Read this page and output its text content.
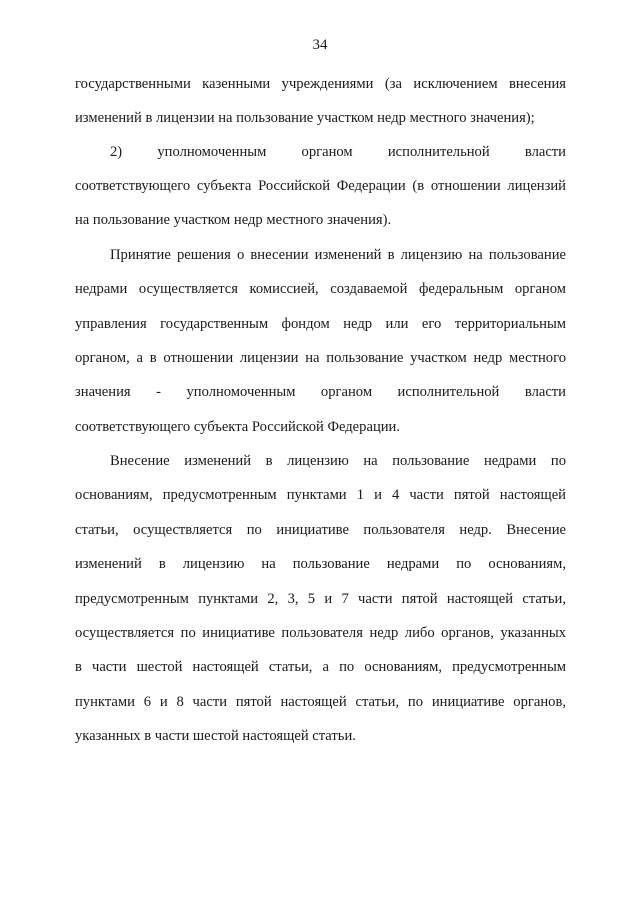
34
государственными казенными учреждениями (за исключением внесения
изменений в лицензии на пользование участком недр местного значения);
2) уполномоченным органом исполнительной власти
соответствующего субъекта Российской Федерации (в отношении лицензий
на пользование участком недр местного значения).
Принятие решения о внесении изменений в лицензию на пользование
недрами осуществляется комиссией, создаваемой федеральным органом
управления государственным фондом недр или его территориальным
органом, а в отношении лицензии на пользование участком недр местного
значения - уполномоченным органом исполнительной власти
соответствующего субъекта Российской Федерации.
Внесение изменений в лицензию на пользование недрами по
основаниям, предусмотренным пунктами 1 и 4 части пятой настоящей
статьи, осуществляется по инициативе пользователя недр. Внесение
изменений в лицензию на пользование недрами по основаниям,
предусмотренным пунктами 2, 3, 5 и 7 части пятой настоящей статьи,
осуществляется по инициативе пользователя недр либо органов, указанных
в части шестой настоящей статьи, а по основаниям, предусмотренным
пунктами 6 и 8 части пятой настоящей статьи, по инициативе органов,
указанных в части шестой настоящей статьи.
